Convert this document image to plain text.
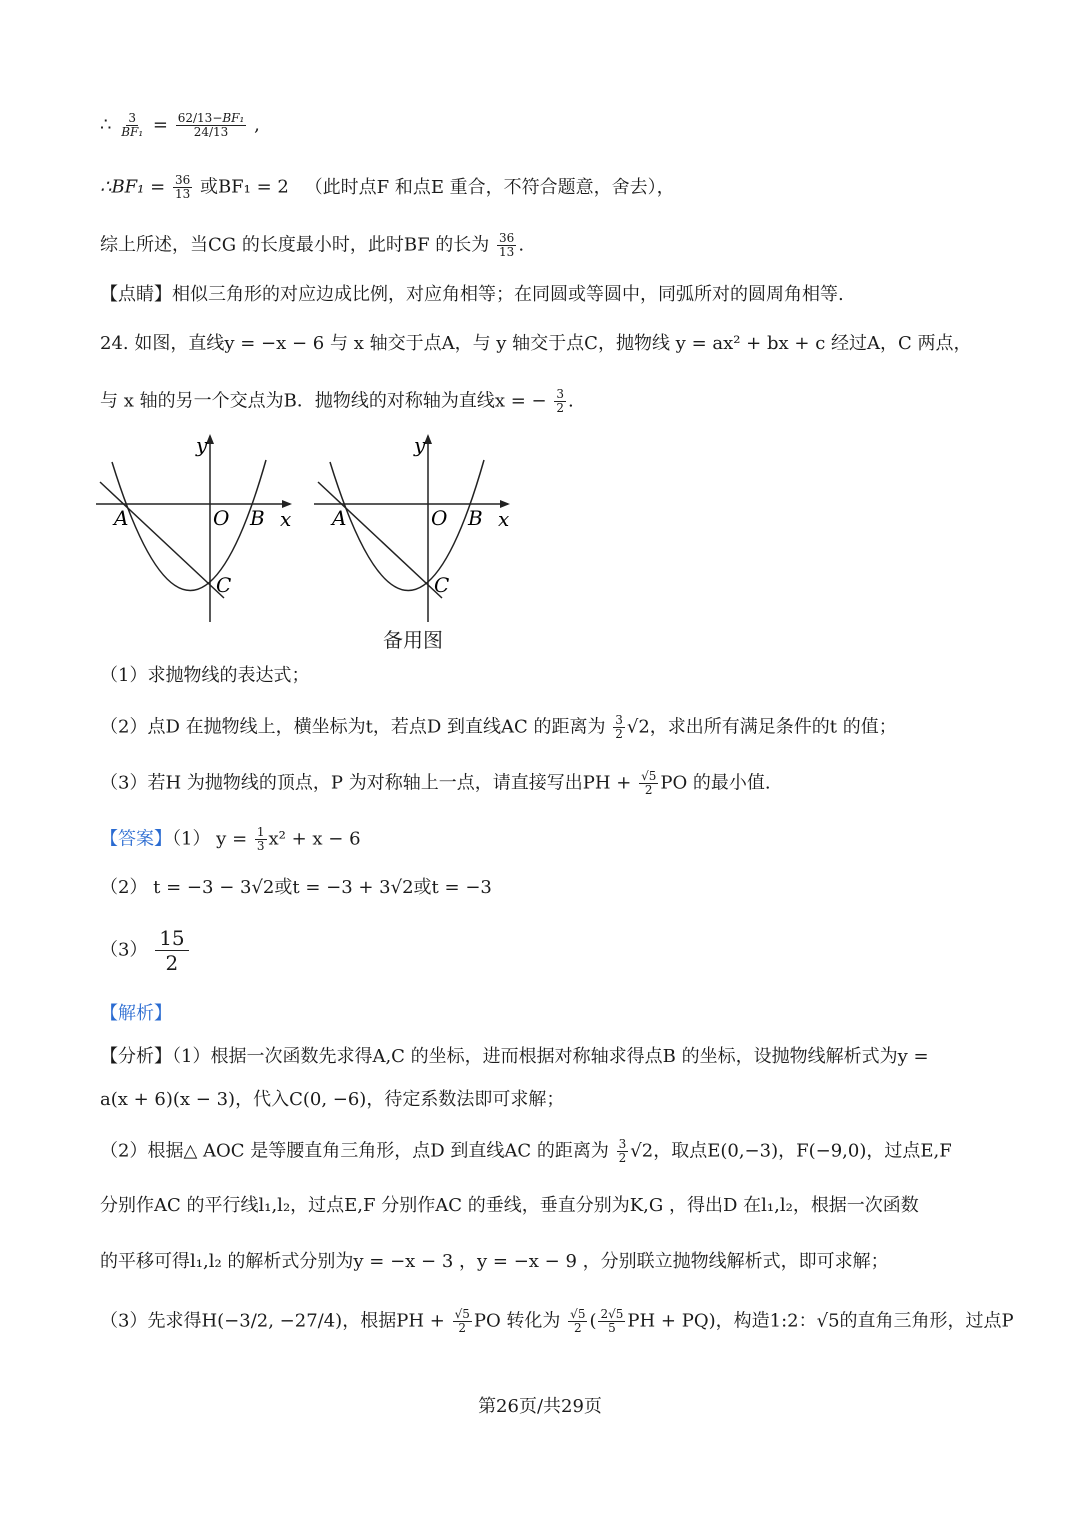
∴ $\frac{3}{\text{BF₁}} = \frac{\text{62/13−BF₁}}{24/13}$ ,
∴BF₁ = $\frac{36}{13}$ 或BF₁ = 2 （此时点F 和点E 重合，不符合题意，舍去），
综上所述，当CG 的长度最小时，此时BF 的长为 $\frac{36}{13}$ .
【点睛】相似三角形的对应边成比例，对应角相等；在同圆或等圆中，同弧所对的圆周角相等.
24. 如图，直线y = −x − 6 与 x 轴交于点A，与 y 轴交于点C，抛物线 y = ax² + bx + c 经过A，C 两点，
与 x 轴的另一个交点为B．抛物线的对称轴为直线x = − $\frac{3}{2}$ .
y
x
A	O B
C
y
x
A	O B
C
备用图
（1）求抛物线的表达式；
（2）点D 在抛物线上，横坐标为t，若点D 到直线AC 的距离为 $\frac{3}{2} √2$，求出所有满足条件的t 的值；
（3）若H 为抛物线的顶点，P 为对称轴上一点，请直接写出PH + $\frac{√5}{2}$ PO 的最小值.
【答案】（1） $y = \frac{1}{3} x^2 + x - 6$
（2） t = −3 − 3√2或t = −3 + 3√2或t = −3
$(3) \frac{15}{2}$
【解析】
【分析】（1）根据一次函数先求得A,C 的坐标，进而根据对称轴求得点B 的坐标，设抛物线解析式为y =
a(x + 6)(x − 3)，代入C(0, −6)，待定系数法即可求解；
（2）根据△ AOC 是等腰直角三角形，点D 到直线AC 的距离为 $\frac{3}{2} √2$，取点E(0,−3)，F(−9,0)，过点E,F
分别作AC 的平行线l₁,l₂，过点E,F 分别作AC 的垂线，垂直分别为K,G ，得出D 在l₁,l₂，根据一次函数
的平移可得l₁,l₂ 的解析式分别为y = −x − 3 ，y = −x − 9 ，分别联立抛物线解析式，即可求解；
（3）先求得H(−3/2, −27/4)，根据PH + $\frac{√5}{2}$ PO 转化为 $\frac{√5}{2}$ ( $\frac{2√5}{5}$ PH + PQ)，构造1:2：√5的直角三角形，过点P
第26页/共29页
